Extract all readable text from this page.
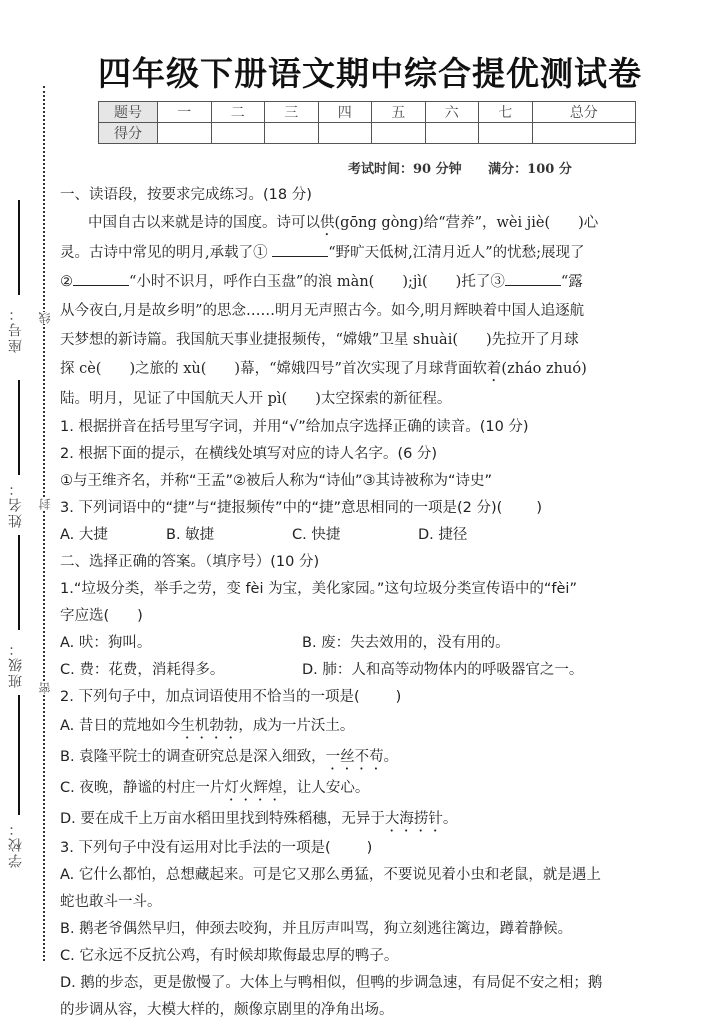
座号：
姓名：
班级：
学校：
线
封
密
四年级下册语文期中综合提优测试卷
题号	一	二	三	四	五	六	七	总分
得分								
考试时间：90 分钟 满分：100 分
一、读语段，按要求完成练习。(18 分)
中国自古以来就是诗的国度。诗可以供(gōng gòng)给“营养”，wèi jiè( )心
灵。古诗中常见的明月,承载了①	“野旷天低树,江清月近人”的忧愁;展现了
②	“小时不识月，呼作白玉盘”的浪 màn( );jì( )托了③	“露
从今夜白,月是故乡明”的思念……明月无声照古今。如今,明月辉映着中国人追逐航
天梦想的新诗篇。我国航天事业捷报频传，“嫦娥”卫星 shuài( )先拉开了月球
探 cè( )之旅的 xù( )幕，“嫦娥四号”首次实现了月球背面软着(zháo zhuó)
陆。明月，见证了中国航天人开 pì( )太空探索的新征程。
1. 根据拼音在括号里写字词，并用“√”给加点字选择正确的读音。(10 分)
2. 根据下面的提示，在横线处填写对应的诗人名字。(6 分)
①与王维齐名，并称“王孟”②被后人称为“诗仙”③其诗被称为“诗史”
3. 下列词语中的“捷”与“捷报频传”中的“捷”意思相同的一项是(2 分)( )
A. 大捷	B. 敏捷	C. 快捷	D. 捷径
二、选择正确的答案。（填序号）(10 分)
1.“垃圾分类，举手之劳，变 fèi 为宝，美化家园。”这句垃圾分类宣传语中的“fèi”
字应选( )
A. 吠：狗叫。	B. 废：失去效用的，没有用的。
C. 费：花费，消耗得多。	D. 肺：人和高等动物体内的呼吸器官之一。
2. 下列句子中，加点词语使用不恰当的一项是( )
A. 昔日的荒地如今生机勃勃，成为一片沃土。
B. 袁隆平院士的调查研究总是深入细致，一丝不苟。
C. 夜晚，静谧的村庄一片灯火辉煌，让人安心。
D. 要在成千上万亩水稻田里找到特殊稻穗，无异于大海捞针。
3. 下列句子中没有运用对比手法的一项是( )
A. 它什么都怕，总想藏起来。可是它又那么勇猛，不要说见着小虫和老鼠，就是遇上
蛇也敢斗一斗。
B. 鹅老爷偶然早归，伸颈去咬狗，并且厉声叫骂，狗立刻逃往篱边，蹲着静候。
C. 它永远不反抗公鸡，有时候却欺侮最忠厚的鸭子。
D. 鹅的步态，更是傲慢了。大体上与鸭相似，但鸭的步调急速，有局促不安之相；鹅
的步调从容，大模大样的，颇像京剧里的净角出场。
